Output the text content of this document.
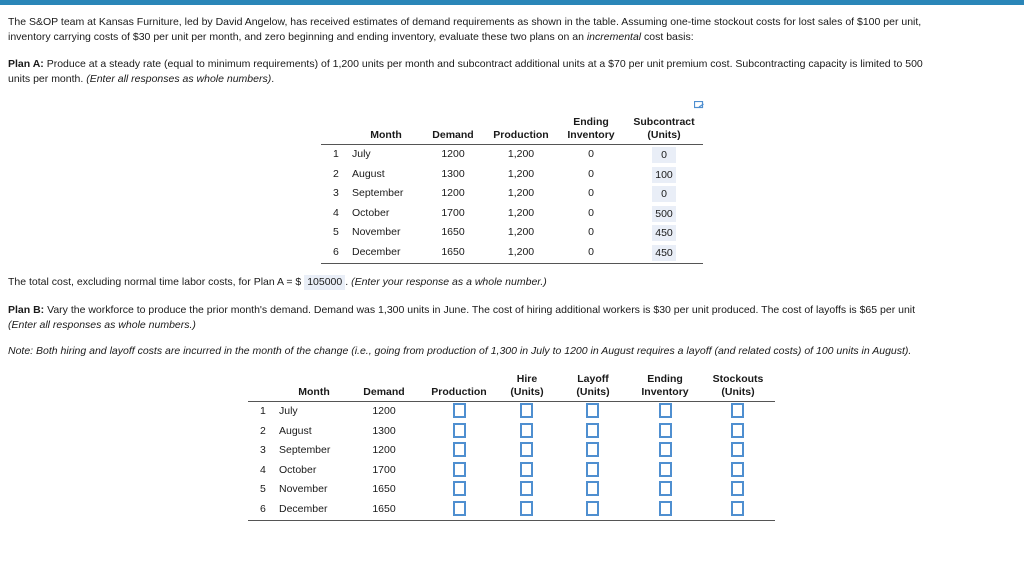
The S&OP team at Kansas Furniture, led by David Angelow, has received estimates of demand requirements as shown in the table. Assuming one-time stockout costs for lost sales of $100 per unit,
inventory carrying costs of $30 per unit per month, and zero beginning and ending inventory, evaluate these two plans on an incremental cost basis:
Plan A: Produce at a steady rate (equal to minimum requirements) of 1,200 units per month and subcontract additional units at a $70 per unit premium cost. Subcontracting capacity is limited to 500
units per month. (Enter all responses as whole numbers).
Month	Demand	Production
Ending
Inventory
Subcontract
(Units)
1 July	1200	1,200	0	0
2 August	1300	1,200	0	100
3 September	1200	1,200	0	0
4 October	1700	1,200	0	500
5 November	1650	1,200	0	450
6 December	1650	1,200	0	450
The total cost, excluding normal time labor costs, for Plan A = $ 105000 . (Enter your response as a whole number.)
Plan B: Vary the workforce to produce the prior month's demand. Demand was 1,300 units in June. The cost of hiring additional workers is $30 per unit produced. The cost of layoffs is $65 per unit
(Enter all responses as whole numbers.)
Note: Both hiring and layoff costs are incurred in the month of the change (i.e., going from production of 1,300 in July to 1200 in August requires a layoff (and related costs) of 100 units in August).
Month	Demand	Production
Hire
(Units)
Layoff
(Units)
Ending
Inventory
Stockouts
(Units)
1 July	1200
2 August	1300
3 September	1200
4 October	1700
5 November	1650
6 December	1650
